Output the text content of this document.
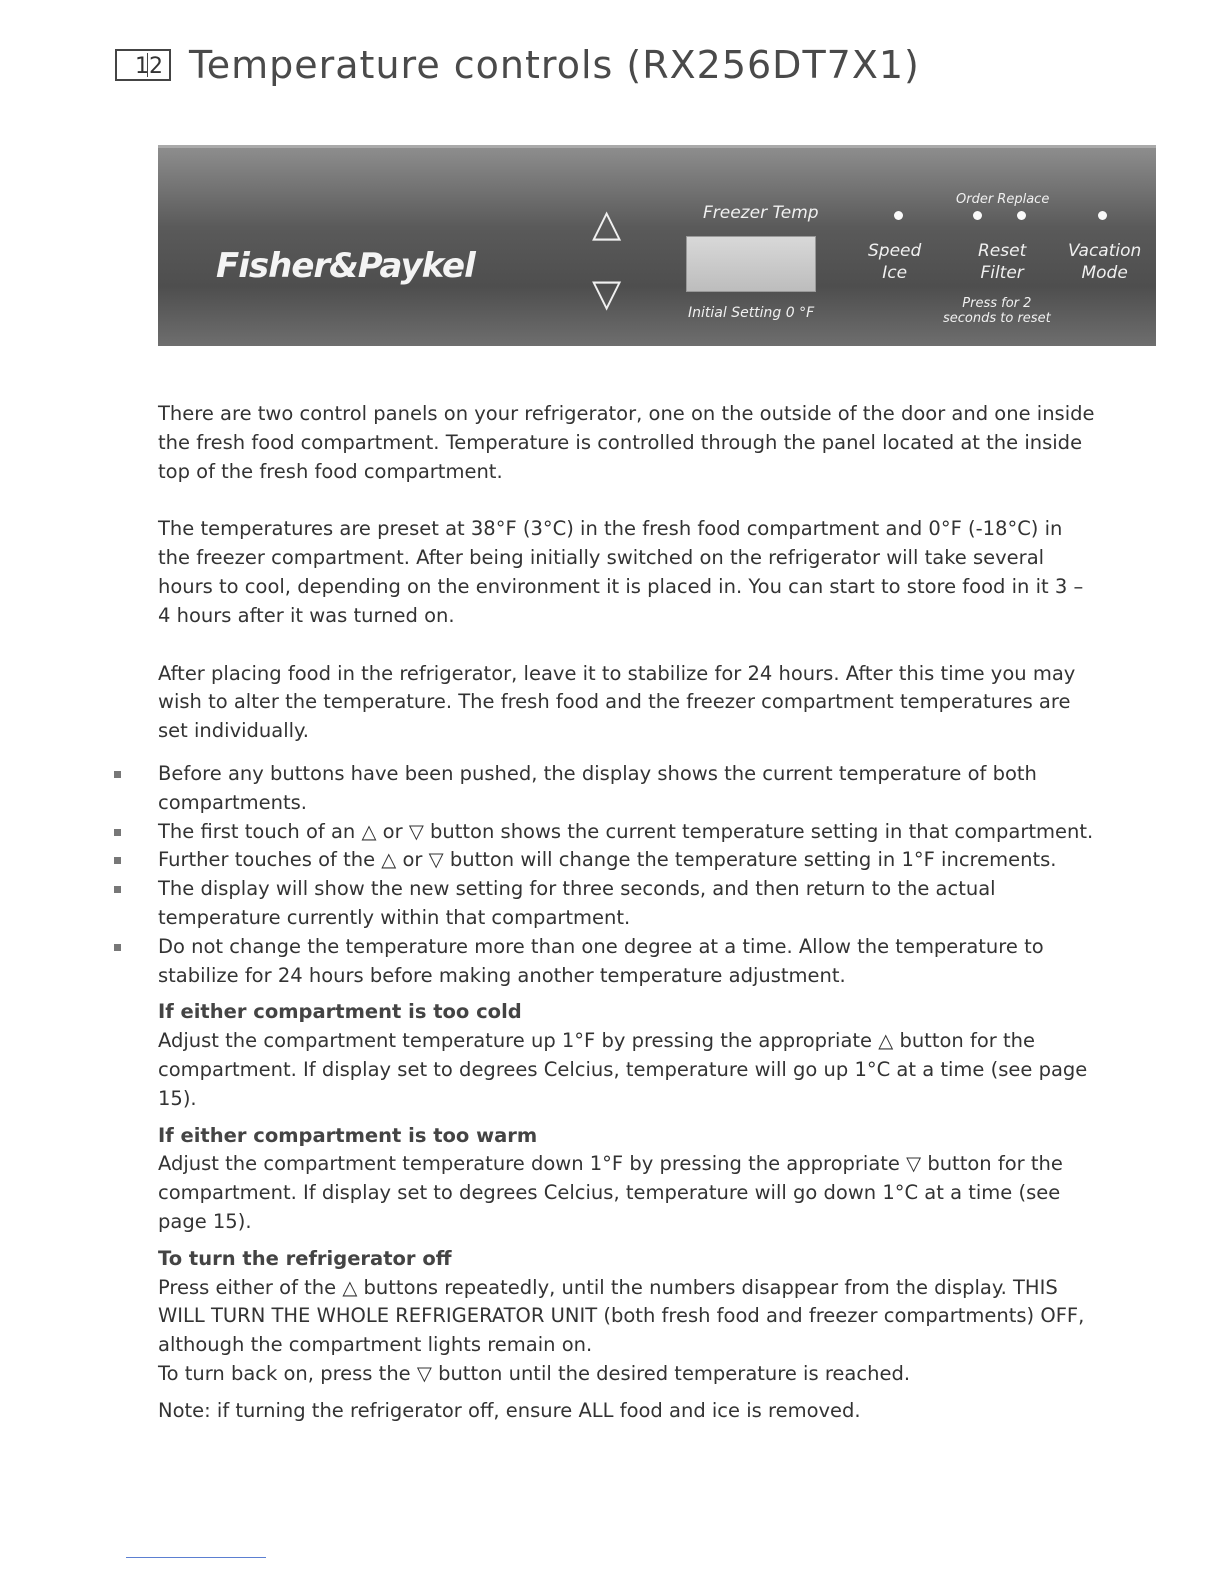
12 Temperature controls (RX256DT7X1)
Fisher&Paykel
△
▽
Freezer Temp
Initial Setting 0 °F
Order Replace
Speed
Ice
Reset
Filter
Vacation
Mode
Press for 2
seconds to reset

There are two control panels on your refrigerator, one on the outside of the door and one inside the fresh food compartment. Temperature is controlled through the panel located at the inside top of the fresh food compartment.

The temperatures are preset at 38°F (3°C) in the fresh food compartment and 0°F (-18°C) in the freezer compartment. After being initially switched on the refrigerator will take several hours to cool, depending on the environment it is placed in. You can start to store food in it 3 – 4 hours after it was turned on.

After placing food in the refrigerator, leave it to stabilize for 24 hours. After this time you may wish to alter the temperature. The fresh food and the freezer compartment temperatures are set individually.

Before any buttons have been pushed, the display shows the current temperature of both compartments.
The first touch of an △ or ▽ button shows the current temperature setting in that compartment.
Further touches of the △ or ▽ button will change the temperature setting in 1°F increments.
The display will show the new setting for three seconds, and then return to the actual temperature currently within that compartment.
Do not change the temperature more than one degree at a time. Allow the temperature to stabilize for 24 hours before making another temperature adjustment.
If either compartment is too cold

Adjust the compartment temperature up 1°F by pressing the appropriate △ button for the compartment. If display set to degrees Celcius, temperature will go up 1°C at a time (see page 15).

If either compartment is too warm

Adjust the compartment temperature down 1°F by pressing the appropriate ▽ button for the compartment. If display set to degrees Celcius, temperature will go down 1°C at a time (see page 15).

To turn the refrigerator off

Press either of the △ buttons repeatedly, until the numbers disappear from the display. THIS WILL TURN THE WHOLE REFRIGERATOR UNIT (both fresh food and freezer compartments) OFF, although the compartment lights remain on.

To turn back on, press the ▽ button until the desired temperature is reached.

Note: if turning the refrigerator off, ensure ALL food and ice is removed.
